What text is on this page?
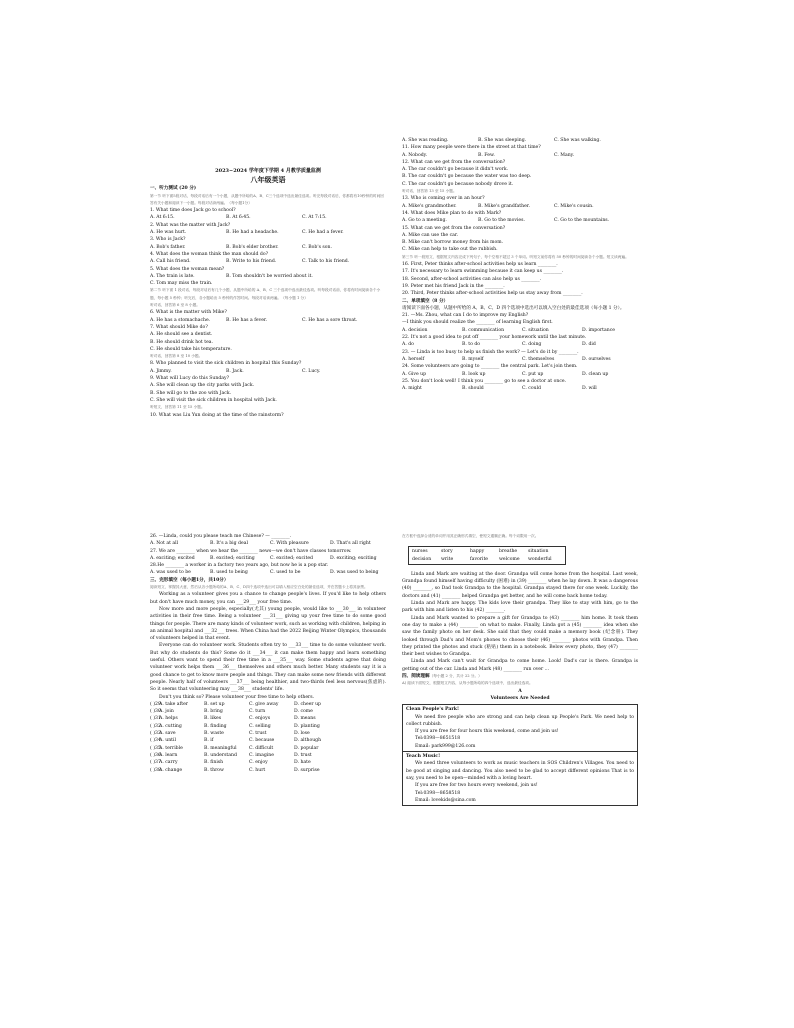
2023~2024 学年度下学期 4 月教学质量监测
八年级英语
一、听力测试 (20 分)
第一节 听下面5段对话，每段对话后有一个小题，从题中所给的A、B、C三个选项中选出最佳选项。听完每段对话后，你都将有10秒钟的时间回答有关小题和阅读下一小题。每段对话读两遍。（每小题1分）
1. What time does Jack go to school?
A. At 6:15.	B. At 6:45.	C. At 7:15.
2. What was the matter with Jack?
A. He was hurt.	B. He had a headache.	C. He had a fever.
3. Who is Jack?
A. Bob's father.	B. Bob's elder brother.	C. Bob's son.
4. What does the woman think the man should do?
A. Call his friend.	B. Write to his friend.	C. Talk to his friend.
5. What does the woman mean?
A. The train is late.	B. Tom shouldn't be worried about it.
C. Tom may miss the train.
第二节 听下面 1 段对话，每段对话后有几个小题，从题中所给的 A、B、C 三个选项中选出最佳选项。听每段对话前，你将有时间阅读各个小题，每小题 5 秒钟；听完后，各小题给出 5 秒钟的作答时间。每段对话读两遍。（每小题 1 分）
听对话，回答第 6 至 8 小题。
6. What is the matter with Mike?
A. He has a stomachache.	B. He has a fever.	C. He has a sore throat.
7. What should Mike do?
A. He should see a dentist.
B. He should drink hot tea.
C. He should take his temperature.
听对话，回答第 8 至 10 小题。
8. Who planned to visit the sick children in hospital this Sunday?
A. Jimmy.	B. Jack.	C. Lucy.
9. What will Lucy do this Sunday?
A. She will clean up the city parks with Jack.
B. She will go to the zoo with Jack.
C. She will visit the sick children in hospital with Jack.
听短文，回答第 11 至 15 小题。
10. What was Liu Yun doing at the time of the rainstorm?
A. She was reading.	B. She was sleeping.	C. She was walking.
11. How many people were there in the street at that time?
A. Nobody.	B. Few.	C. Many.
12. What can we get from the conversation?
A. The car couldn't go because it didn't work.
B. The car couldn't go because the water was too deep.
C. The car couldn't go because nobody drove it.
听对话，回答第 13 至 15 小题。
13. Who is coming over in an hour?
A. Mike's grandmother.	B. Mike's grandfather.	C. Mike's cousin.
14. What does Mike plan to do with Mark?
A. Go to a meeting.	B. Go to the movies.	C. Go to the mountains.
15. What can we get from the conversation?
A. Mike can use the car.
B. Mike can't borrow money from his mom.
C. Mike can help to take out the rubbish.
第三节 听一段短文，根据短文内容完成下列句子，每个空格不超过 3 个单词。听短文前你将有 50 秒钟的时间阅读各个小题。短文读两遍。
16. First, Peter thinks after-school activities help us learn ________.
17. It's necessary to learn swimming because it can keep us ________.
18. Second, after-school activities can also help us ________.
19. Peter met his friend Jack in the ________.
20. Third, Peter thinks after-school activities help us stay away from ________.
二、单项填空（8 分）
请阅读下面各小题，从题中所给的 A、B、C、D 四个选项中选出可以填入空白处的最佳选项（每小题 1 分）。
21. —Ms. Zhou, what can I do to improve my English?
—I think you should realize the ________ of learning English first.
A. decision	B. communication	C. situation	D. importance
22. It's not a good idea to put off ________ your homework until the last minute.
A. do	B. to do	C. doing	D. did
23. — Linda is too busy to help us finish the work? — Let's do it by ________.
A. herself	B. myself	C. themselves	D. ourselves
24. Some volunteers are going to ________ the central park. Let's join them.
A. Give up	B. look up	C. put up	D. clean up
25. You don't look well! I think you ________ go to see a doctor at once.
A. might	B. should	C. could	D. will
26. —Linda, could you please teach me Chinese? — ________.
A. Not at all	B. It's a big deal	C. With pleasure	D. That's all right
27. We are ________ when we hear the ________ news—we don't have classes tomorrow.
A. exciting; excited	B. excited; exciting	C. excited; excited	D. exciting; exciting
28.He ________ a worker in a factory two years ago, but now he is a pop star.
A. was used to be	B. used to being	C. used to be	D. was used to being
三、完形填空（每小题1分，共10分）
阅读短文，掌握其大意，然后从各小题所给的A、B、C、D四个选项中选出可以填入相应空白处的最佳选项，并在答题卡上将其涂黑。
Working as a volunteer gives you a chance to change people's lives. If you'd like to help others but don't have much money, you can ___29___ your free time.
Now more and more people, especially(尤其) young people, would like to ___30___ in volunteer activities in their free time. Being a volunteer ___31___ giving up your free time to do some good things for people. There are many kinds of volunteer work, such as working with children, helping in an animal hospital and ___32___ trees. When China had the 2022 Beijing Winter Olympics, thousands of volunteers helped in that event.
Everyone can do volunteer work. Students often try to ___33___ time to do some volunteer work. But why do students do this? Some do it ___34___ it can make them happy and learn something useful. Others want to spend their free time in a ___35___ way. Some students agree that doing volunteer work helps them ___36___ themselves and others much better. Many students say it is a good chance to get to know more people and things. They can make some new friends with different people. Nearly half of volunteers ___37___ being healthier, and two-thirds feel less nervous(焦虑的). So it seems that volunteering may ___38___ students' life.
Don't you think so? Please volunteer your free time to help others.
( )29.
A. take after	B. set up	C. give away	D. cheer up
( )30.
A. join	B. bring	C. turn	D. come
( )31.
A. helps	B. likes	C. enjoys	D. means
( )32.
A. cutting	B. finding	C. selling	D. planting
( )33.
A. save	B. waste	C. trust	D. lose
( )34.
A. until	B. if	C. because	D. although
( )35.
A. terrible	B. meaningful	C. difficult	D. popular
( )36.
A. learn	B. understand	C. imagine	D. trust
( )37.
A. carry	B. finish	C. enjoy	D. hate
( )38.
A. change	B. throw	C. hurt	D. surprise
在方框中选择合适的单词并用其正确形式填空，使短文通顺正确。每个词限用一次。
nurses	story	happy	breathe	situation
decision	write	favorite	welcome	wonderful
Linda and Mark are waiting at the door. Grandpa will come home from the hospital. Last week, Grandpa found himself having difficulty (困难) in (39) ________ when he lay down. It was a dangerous (40) ________, so Dad took Grandpa to the hospital. Grandpa stayed there for one week. Luckily, the doctors and (41) ________ helped Grandpa get better, and he will come back home today.
Linda and Mark are happy. The kids love their grandpa. They like to stay with him, go to the park with him and listen to his (42) ________.
Linda and Mark wanted to prepare a gift for Grandpa to (43) ________ him home. It took them one day to make a (44) ________ on what to make. Finally, Linda got a (45) ________ idea when she saw the family photo on her desk. She said that they could make a memory book (纪念册). They looked through Dad's and Mom's phones to choose their (46) ________ photos with Grandpa. Then they printed the photos and stuck (粘贴) them in a notebook. Below every photo, they (47) ________ their best wishes to Grandpa.
Linda and Mark can't wait for Grandpa to come home. Look! Dad's car is there. Grandpa is getting out of the car. Linda and Mark (48) ________ run over ...
四、阅读理解（每小题 2 分，共计 22 分。）
A) 阅读下面短文，根据短文内容，从每小题所给的四个选项中，选出最佳选项。
A
Volunteers Are Needed
Clean People's Park!
We need five people who are strong and can help clean up People's Park. We need help to collect rubbish.
If you are free for four hours this weekend, come and join us!
Tel:0398—8651518
Email: park999@126.com
Teach Music!
We need three volunteers to work as music teachers in SOS Children's Villages. You need to be good at singing and dancing. You also need to be glad to accept different opinions That is to say, you need to be open—minded with a loving heart.
If you are free for two hours every weekend, join us!
Tel:0398—8658518
Email: lovekids@sina.com
